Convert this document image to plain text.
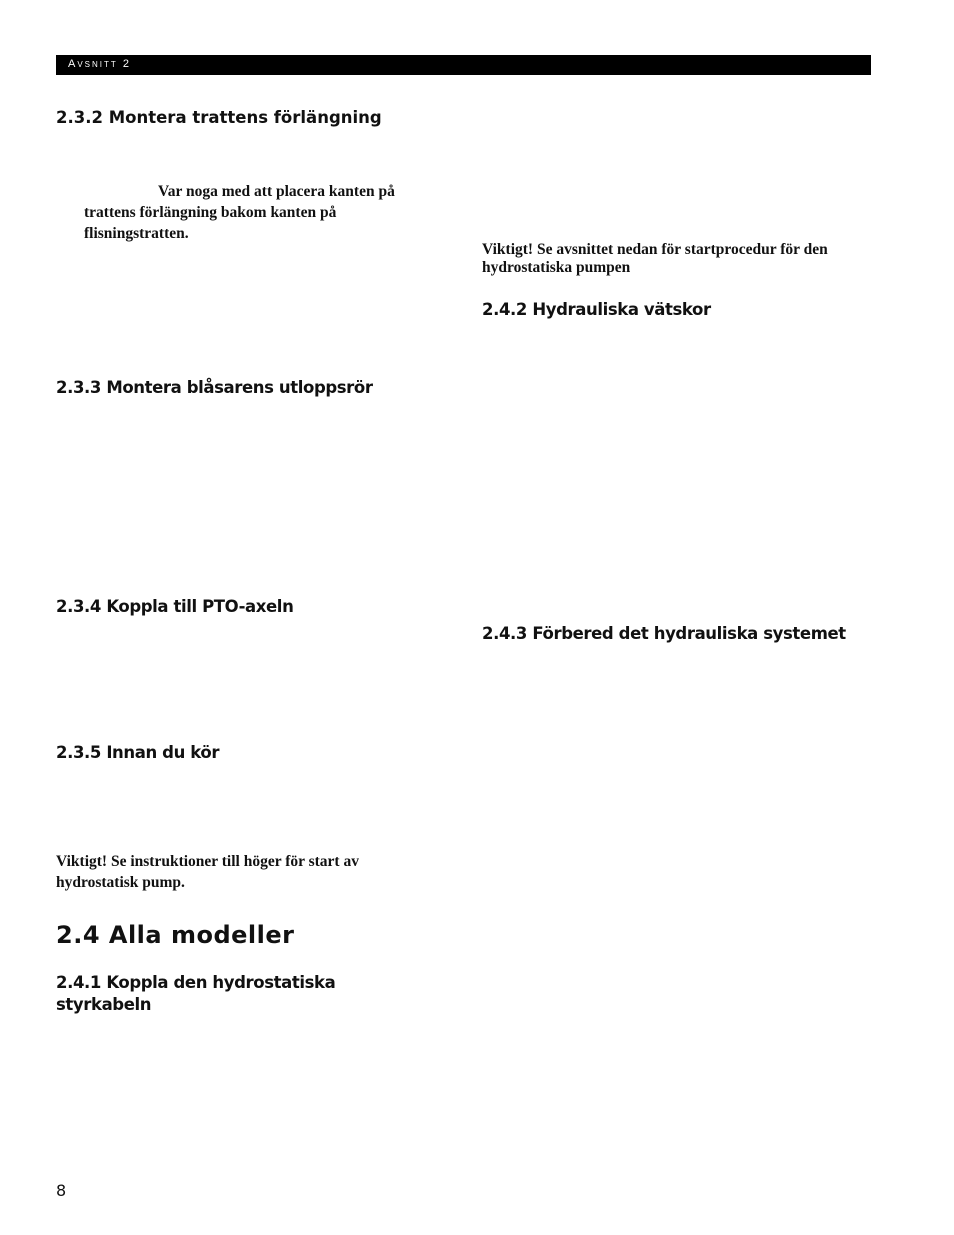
Avsnitt 2
2.3.2 Montera trattens förlängning

Var noga med att placera kanten på

trattens förlängning bakom kanten på

flisningstratten.

2.3.3 Montera blåsarens utloppsrör
2.3.4 Koppla till PTO-axeln
2.3.5 Innan du kör

Viktigt! Se instruktioner till höger för start av

hydrostatisk pump.

2.4 Alla modeller
2.4.1 Koppla den hydrostatiska
styrkabeln

Viktigt! Se avsnittet nedan för startprocedur för den

hydrostatiska pumpen

2.4.2 Hydrauliska vätskor
2.4.3 Förbered det hydrauliska systemet
8
